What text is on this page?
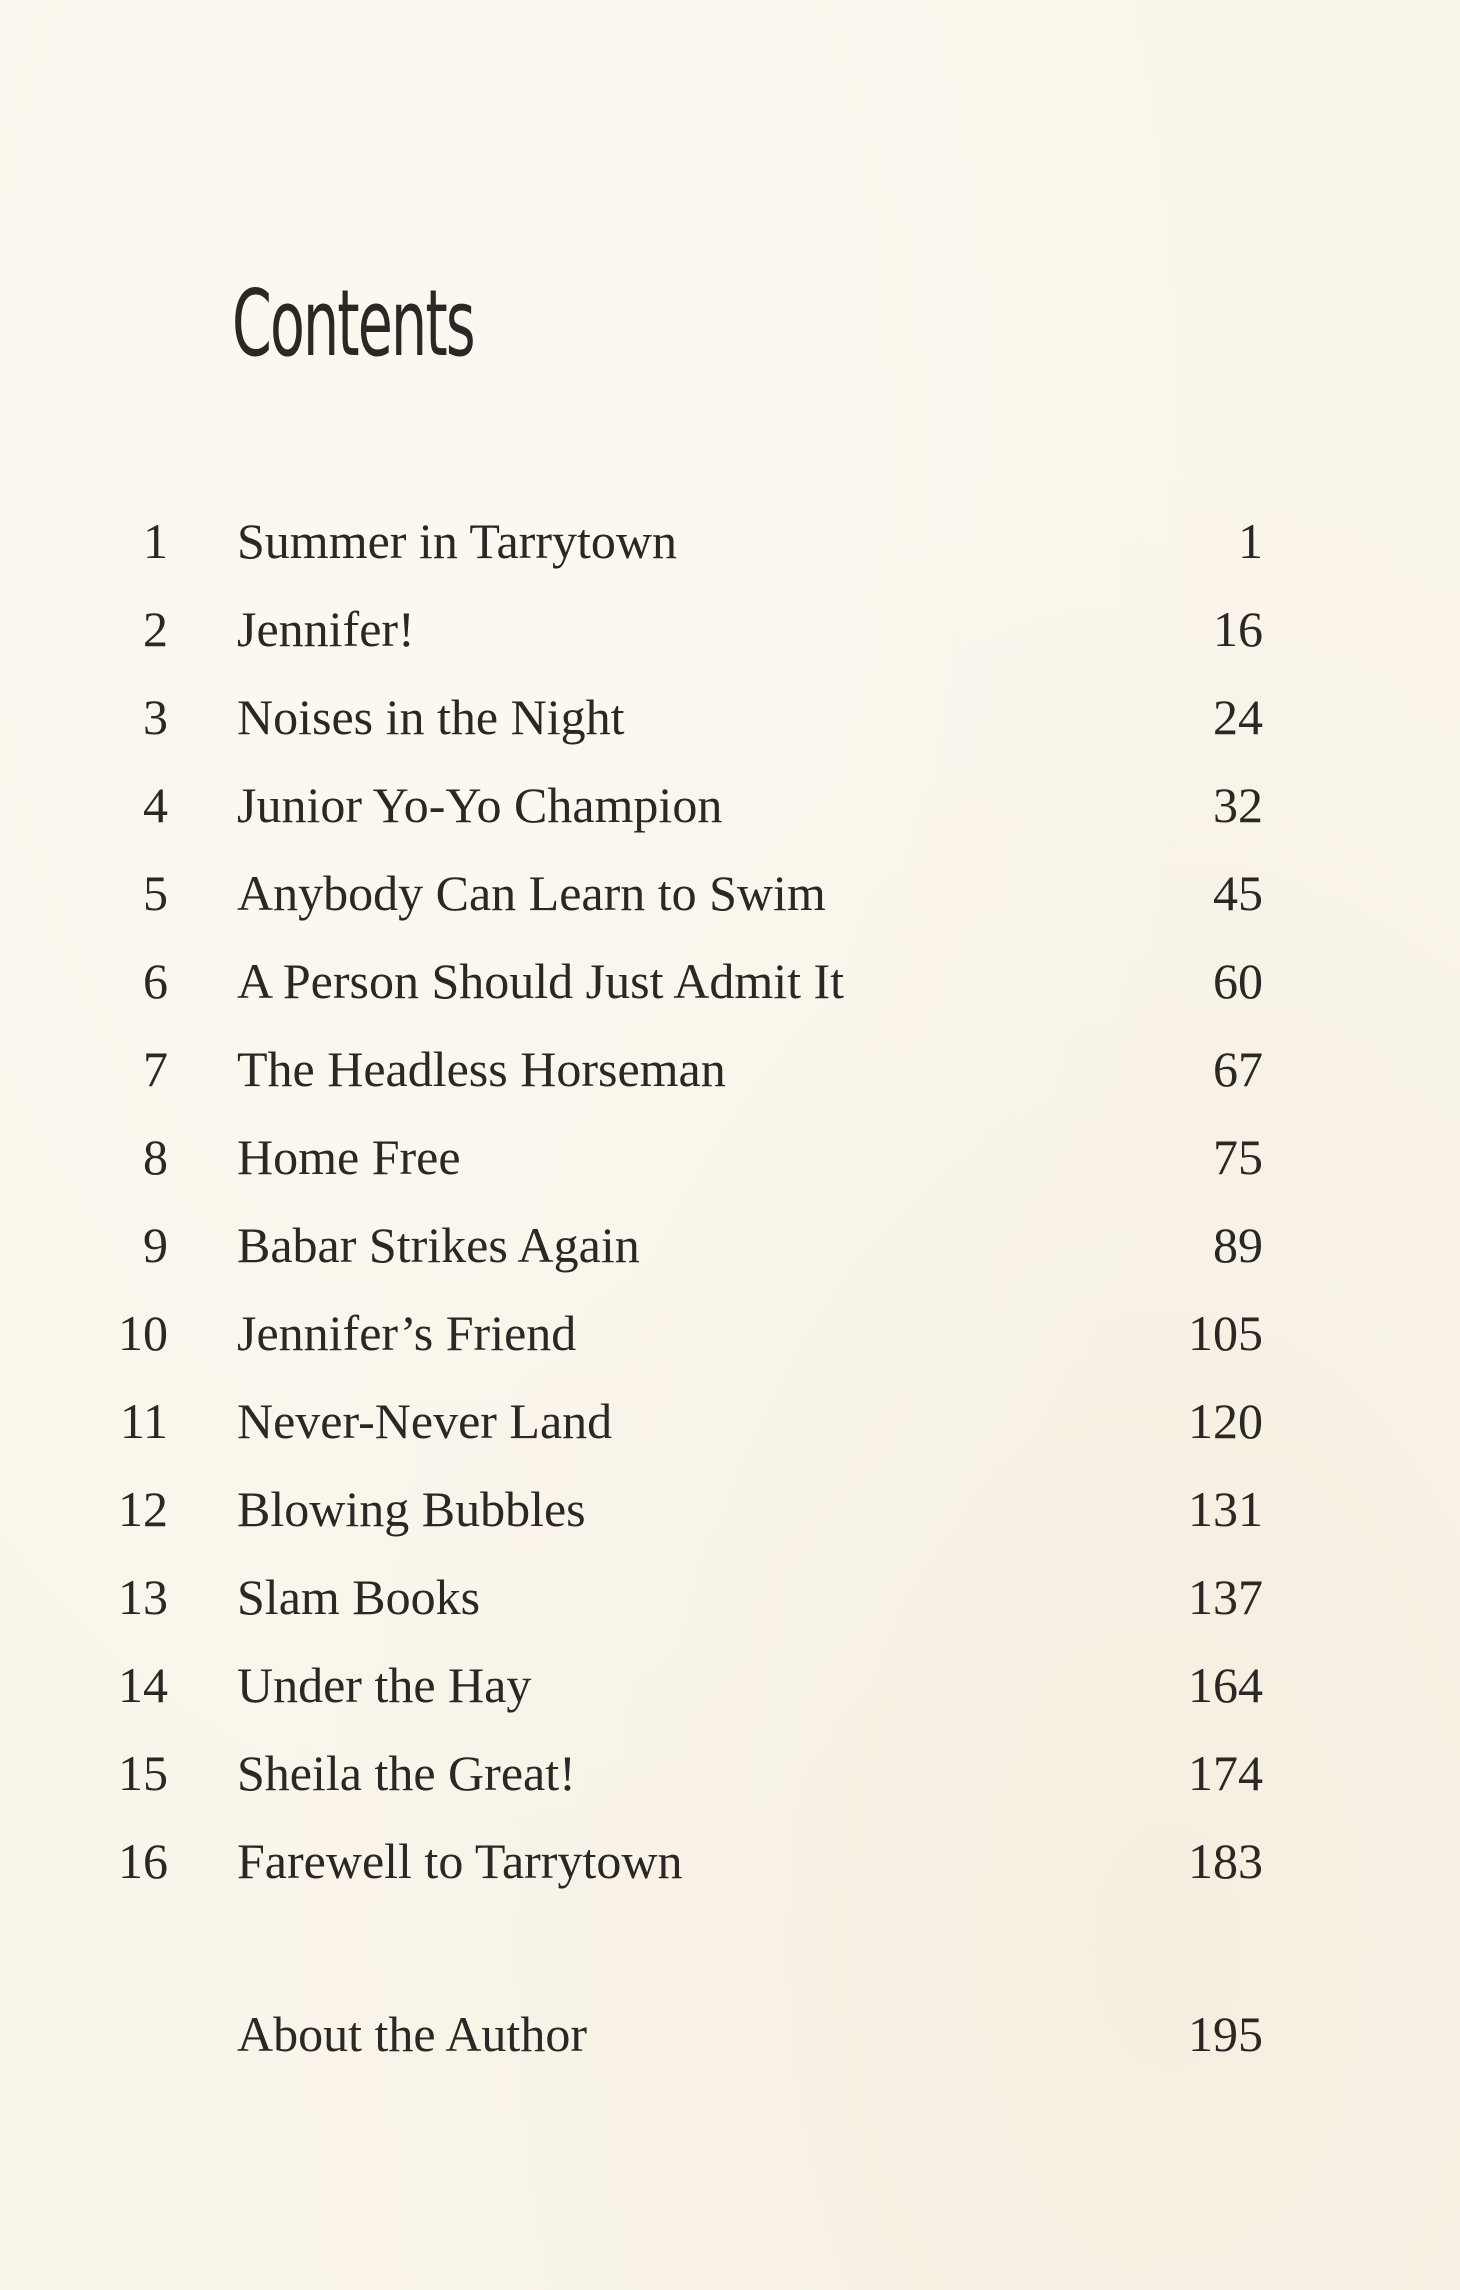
Contents
1 Summer in Tarrytown	1
2 Jennifer!	16
3 Noises in the Night	24
4 Junior Yo-Yo Champion	32
5 Anybody Can Learn to Swim	45
6 A Person Should Just Admit It	60
7 The Headless Horseman	67
8 Home Free	75
9 Babar Strikes Again	89
10 Jennifer’s Friend	105
11 Never-Never Land	120
12 Blowing Bubbles	131
13 Slam Books	137
14 Under the Hay	164
15 Sheila the Great!	174
16 Farewell to Tarrytown	183
About the Author	195
